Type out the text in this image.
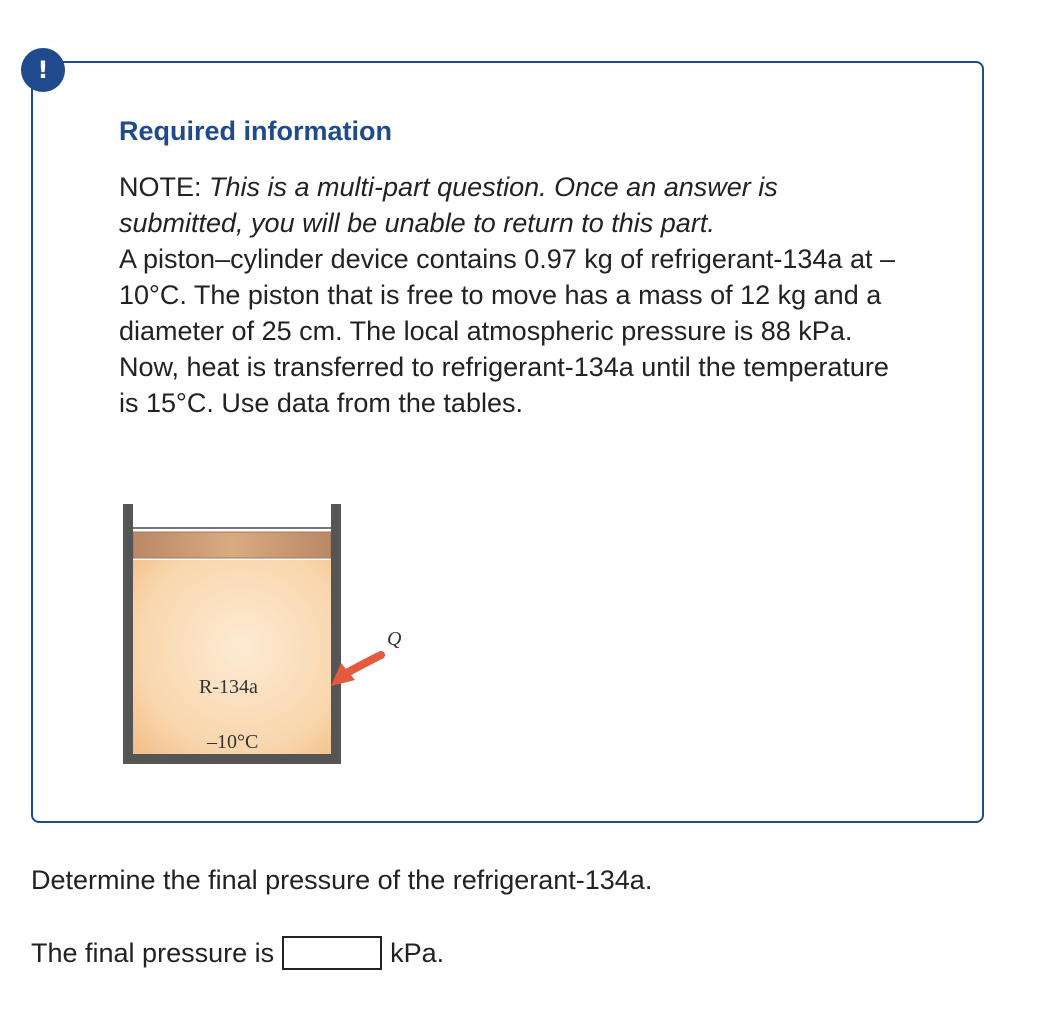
!
Required information

NOTE: This is a multi-part question. Once an answer is submitted, you will be unable to return to this part.
A piston–cylinder device contains 0.97 kg of refrigerant-134a at –10°C. The piston that is free to move has a mass of 12 kg and a diameter of 25 cm. The local atmospheric pressure is 88 kPa. Now, heat is transferred to refrigerant-134a until the temperature is 15°C. Use data from the tables.

R-134a
–10°C
Q

Determine the final pressure of the refrigerant-134a.

The final pressure is	kPa.
